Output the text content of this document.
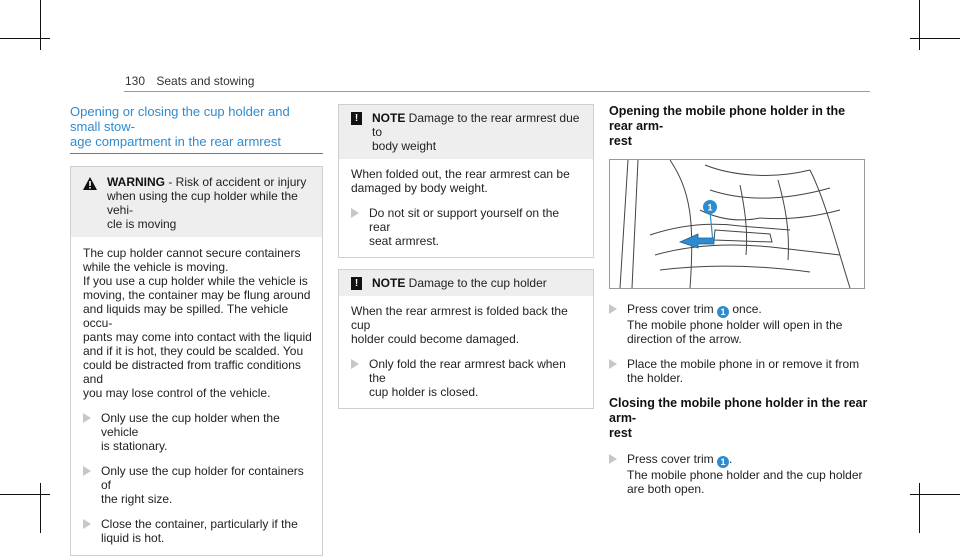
130 Seats and stowing
Opening or closing the cup holder and small stow-
age compartment in the rear armrest
WARNING - Risk of accident or injury
when using the cup holder while the vehi-
cle is moving
The cup holder cannot secure containers
while the vehicle is moving.
If you use a cup holder while the vehicle is
moving, the container may be flung around
and liquids may be spilled. The vehicle occu-
pants may come into contact with the liquid
and if it is hot, they could be scalded. You
could be distracted from traffic conditions and
you may lose control of the vehicle.
Only use the cup holder when the vehicle
is stationary.
Only use the cup holder for containers of
the right size.
Close the container, particularly if the
liquid is hot.
!	NOTE Damage to the rear armrest due to
body weight
When folded out, the rear armrest can be
damaged by body weight.
Do not sit or support yourself on the rear
seat armrest.
!	NOTE Damage to the cup holder
When the rear armrest is folded back the cup
holder could become damaged.
Only fold the rear armrest back when the
cup holder is closed.
Opening the mobile phone holder in the rear arm-
rest
1
Press cover trim 1 once.
The mobile phone holder will open in the
direction of the arrow.
Place the mobile phone in or remove it from
the holder.
Closing the mobile phone holder in the rear arm-
rest
Press cover trim 1 .
The mobile phone holder and the cup holder
are both open.
